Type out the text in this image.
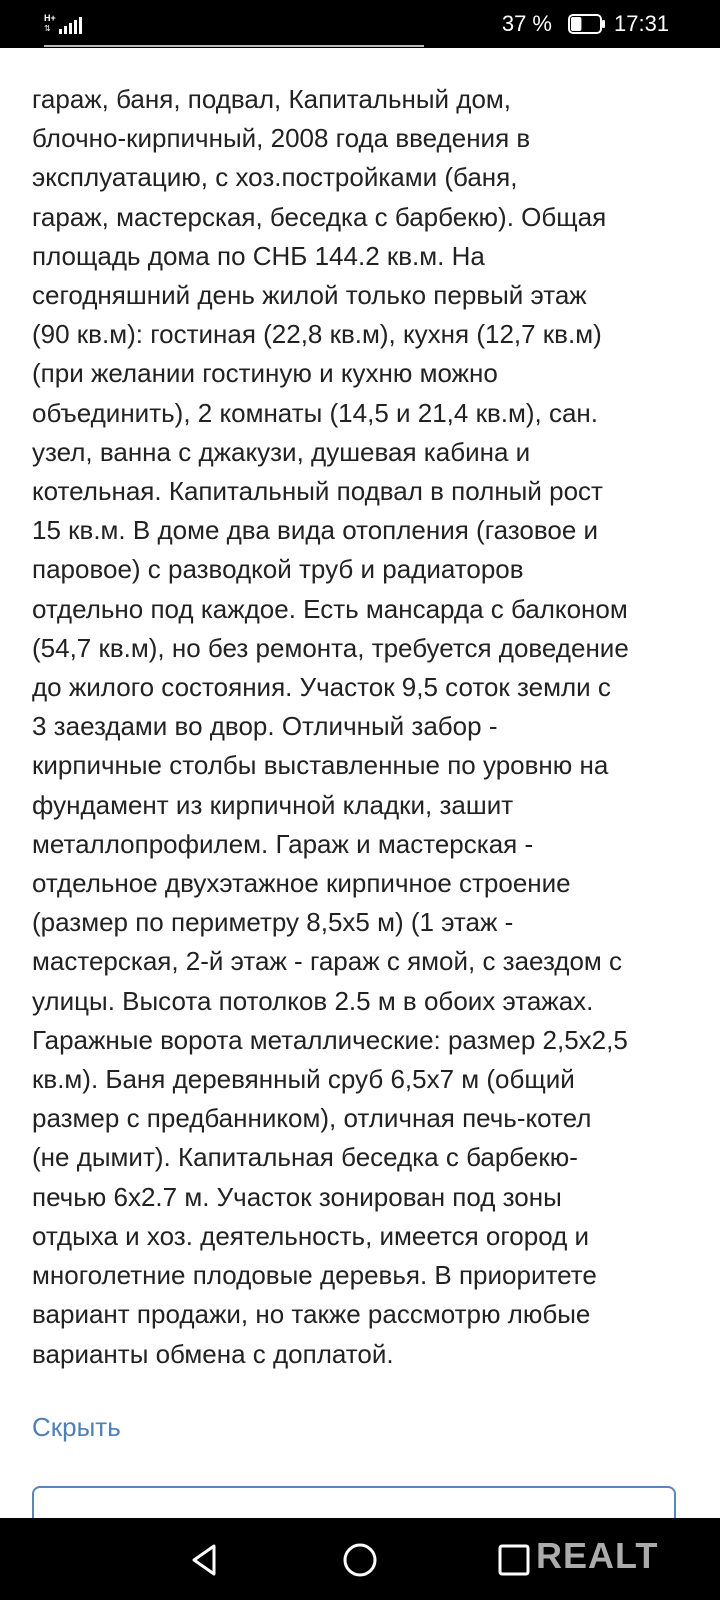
H+
⇅	37 %	17:31

гараж, баня, подвал, Капитальный дом,
блочно-кирпичный, 2008 года введения в
эксплуатацию, с хоз.постройками (баня,
гараж, мастерская, беседка с барбекю). Общая
площадь дома по СНБ 144.2 кв.м. На
сегодняшний день жилой только первый этаж
(90 кв.м): гостиная (22,8 кв.м), кухня (12,7 кв.м)
(при желании гостиную и кухню можно
объединить), 2 комнаты (14,5 и 21,4 кв.м), сан.
узел, ванна с джакузи, душевая кабина и
котельная. Капитальный подвал в полный рост
15 кв.м. В доме два вида отопления (газовое и
паровое) с разводкой труб и радиаторов
отдельно под каждое. Есть мансарда с балконом
(54,7 кв.м), но без ремонта, требуется доведение
до жилого состояния. Участок 9,5 соток земли с
3 заездами во двор. Отличный забор -
кирпичные столбы выставленные по уровню на
фундамент из кирпичной кладки, зашит
металлопрофилем. Гараж и мастерская -
отдельное двухэтажное кирпичное строение
(размер по периметру 8,5х5 м) (1 этаж -
мастерская, 2-й этаж - гараж с ямой, с заездом с
улицы. Высота потолков 2.5 м в обоих этажах.
Гаражные ворота металлические: размер 2,5х2,5
кв.м). Баня деревянный сруб 6,5х7 м (общий
размер с предбанником), отличная печь-котел
(не дымит). Капитальная беседка с барбекю-
печью 6х2.7 м. Участок зонирован под зоны
отдыха и хоз. деятельность, имеется огород и
многолетние плодовые деревья. В приоритете
вариант продажи, но также рассмотрю любые
варианты обмена с доплатой.

Скрыть
REALT
